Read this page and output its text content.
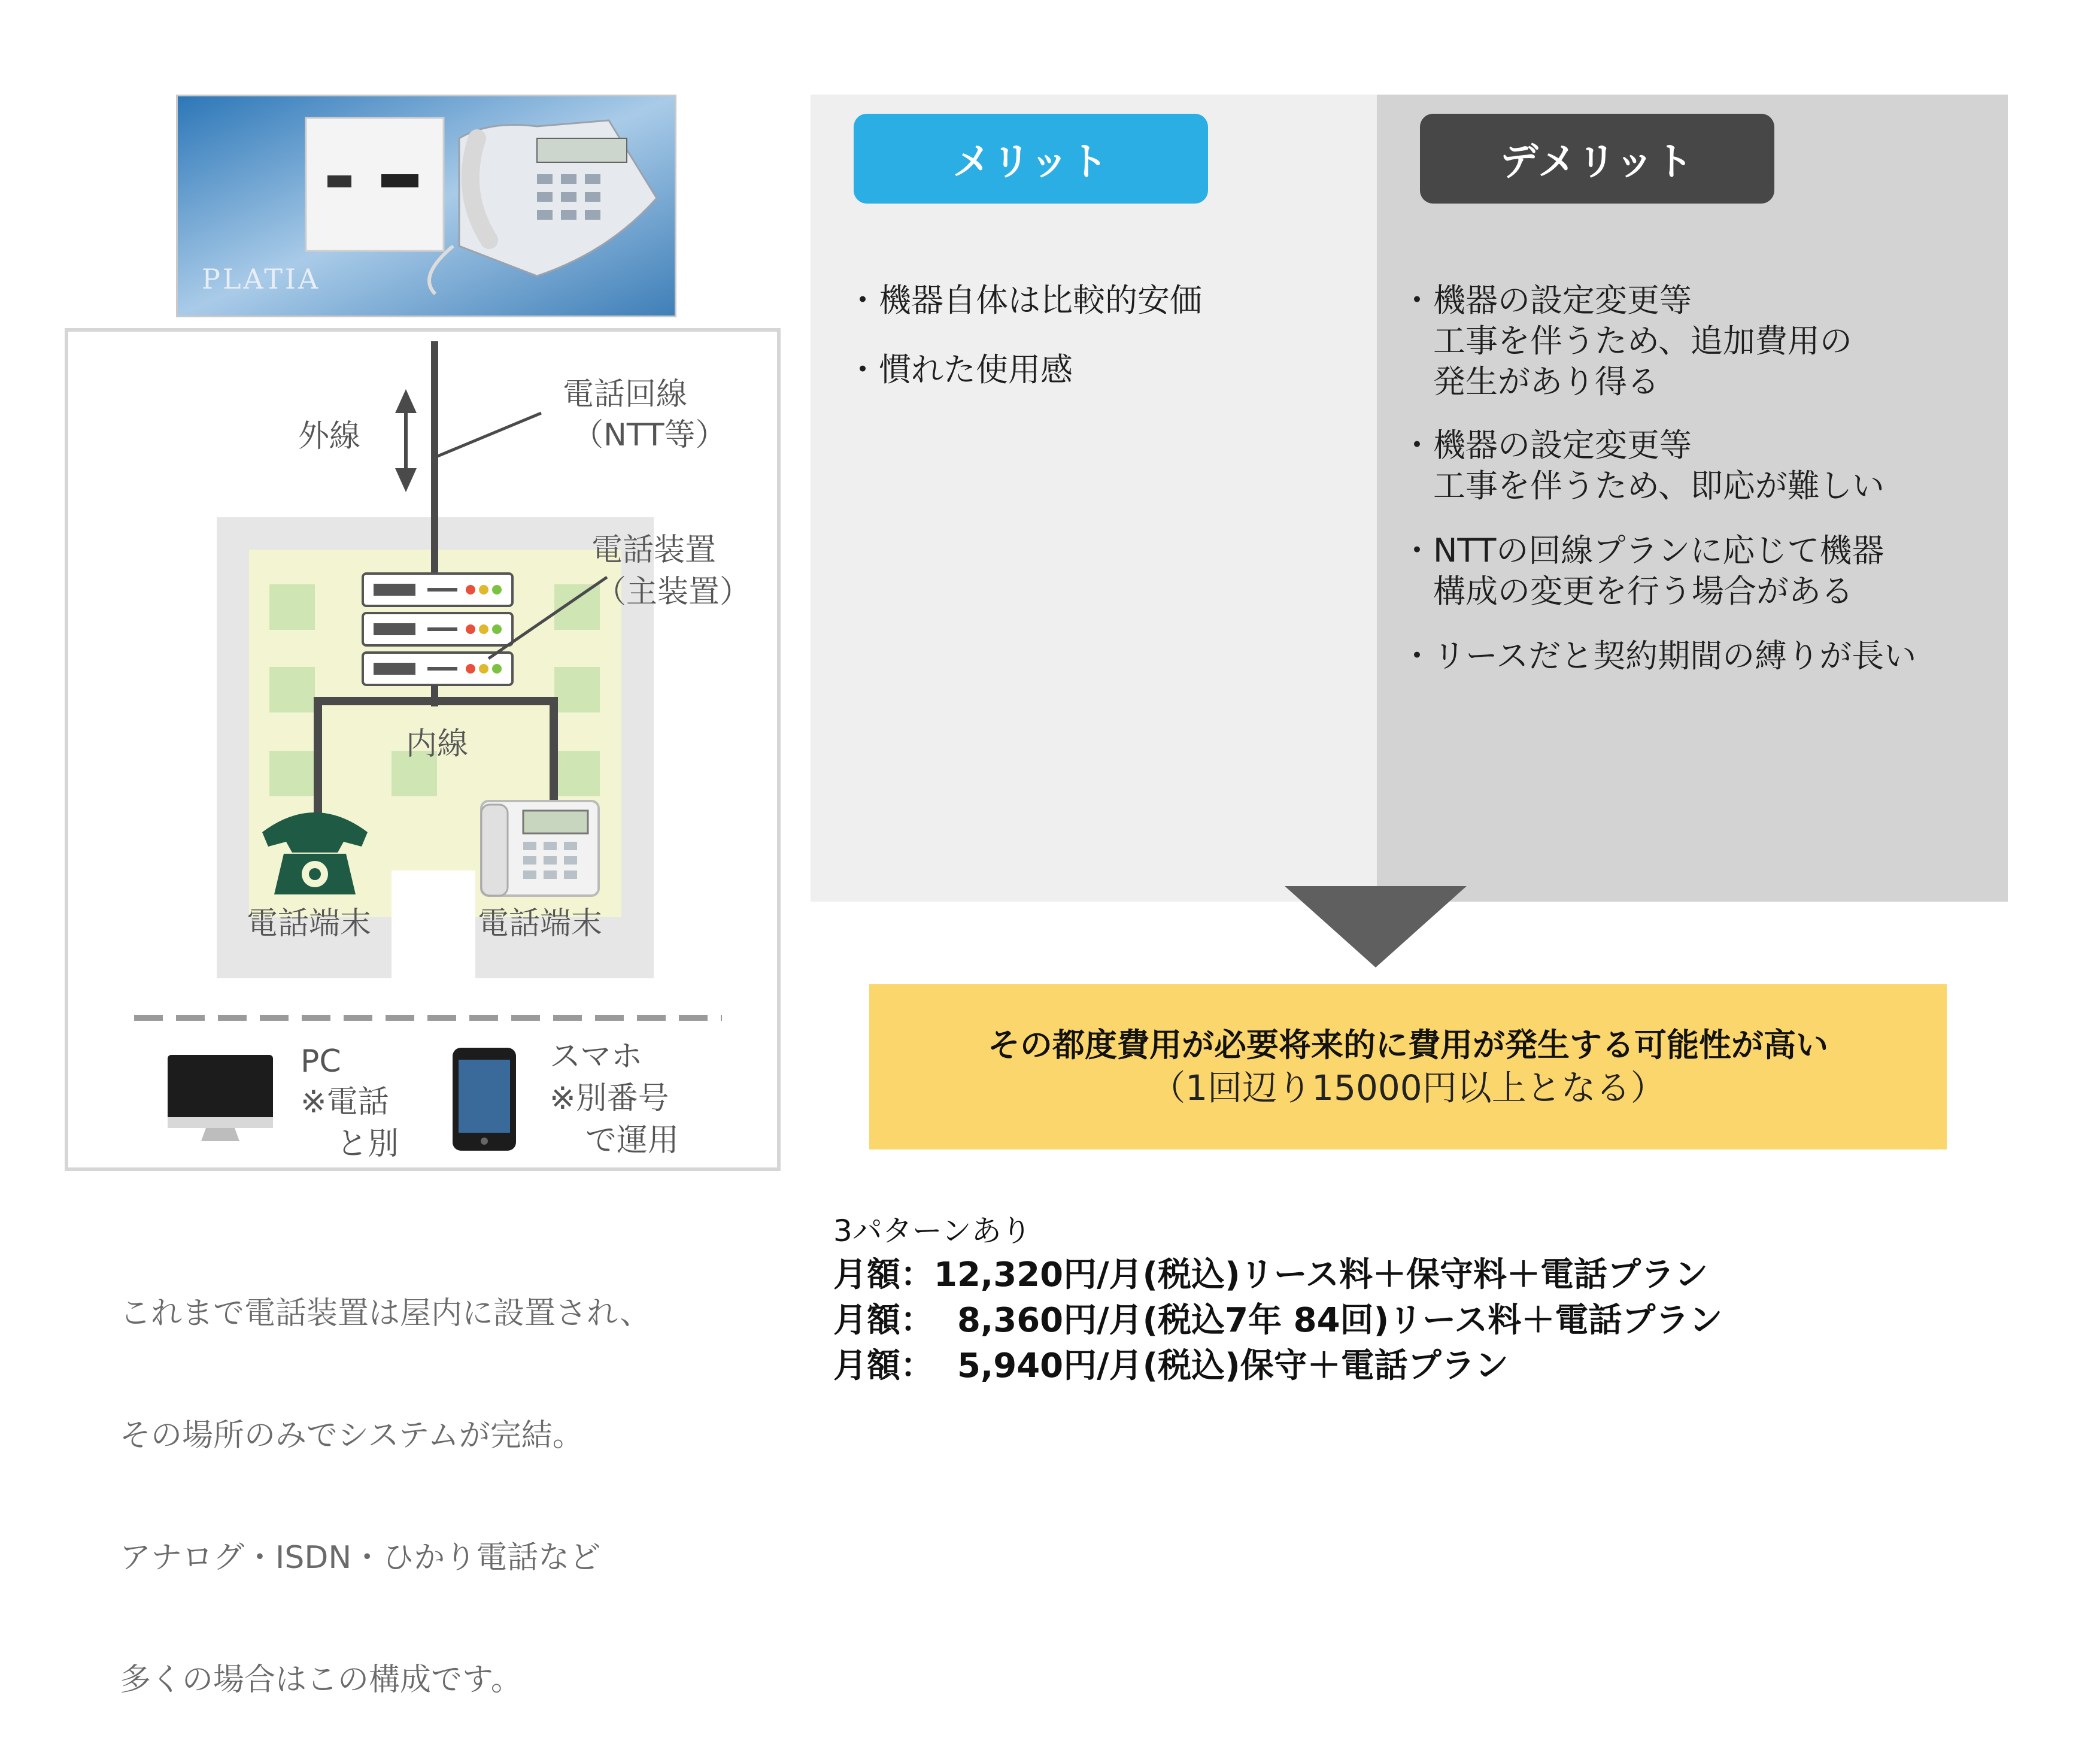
PLATIA
外線
電話回線
（NTT等）
電話装置
（主装置）
内線
電話端末	電話端末
PC
※電話
と別
スマホ
※別番号
で運用

これまで電話装置は屋内に設置され、

その場所のみでシステムが完結。

アナログ・ISDN・ひかり電話など

多くの場合はこの構成です。

メリット
・機器自体は比較的安価
・慣れた使用感
デメリット
・機器の設定変更等
　工事を伴うため、追加費用の
　発生があり得る
・機器の設定変更等
　工事を伴うため、即応が難しい
・NTTの回線プランに応じて機器
　構成の変更を行う場合がある
・リースだと契約期間の縛りが長い
その都度費用が必要将来的に費用が発生する可能性が高い
（1回辺り15000円以上となる）
3パターンあり
月額：12,320円/月(税込)リース料＋保守料＋電話プラン
月額：  8,360円/月(税込7年 84回)リース料＋電話プラン
月額：  5,940円/月(税込)保守＋電話プラン
